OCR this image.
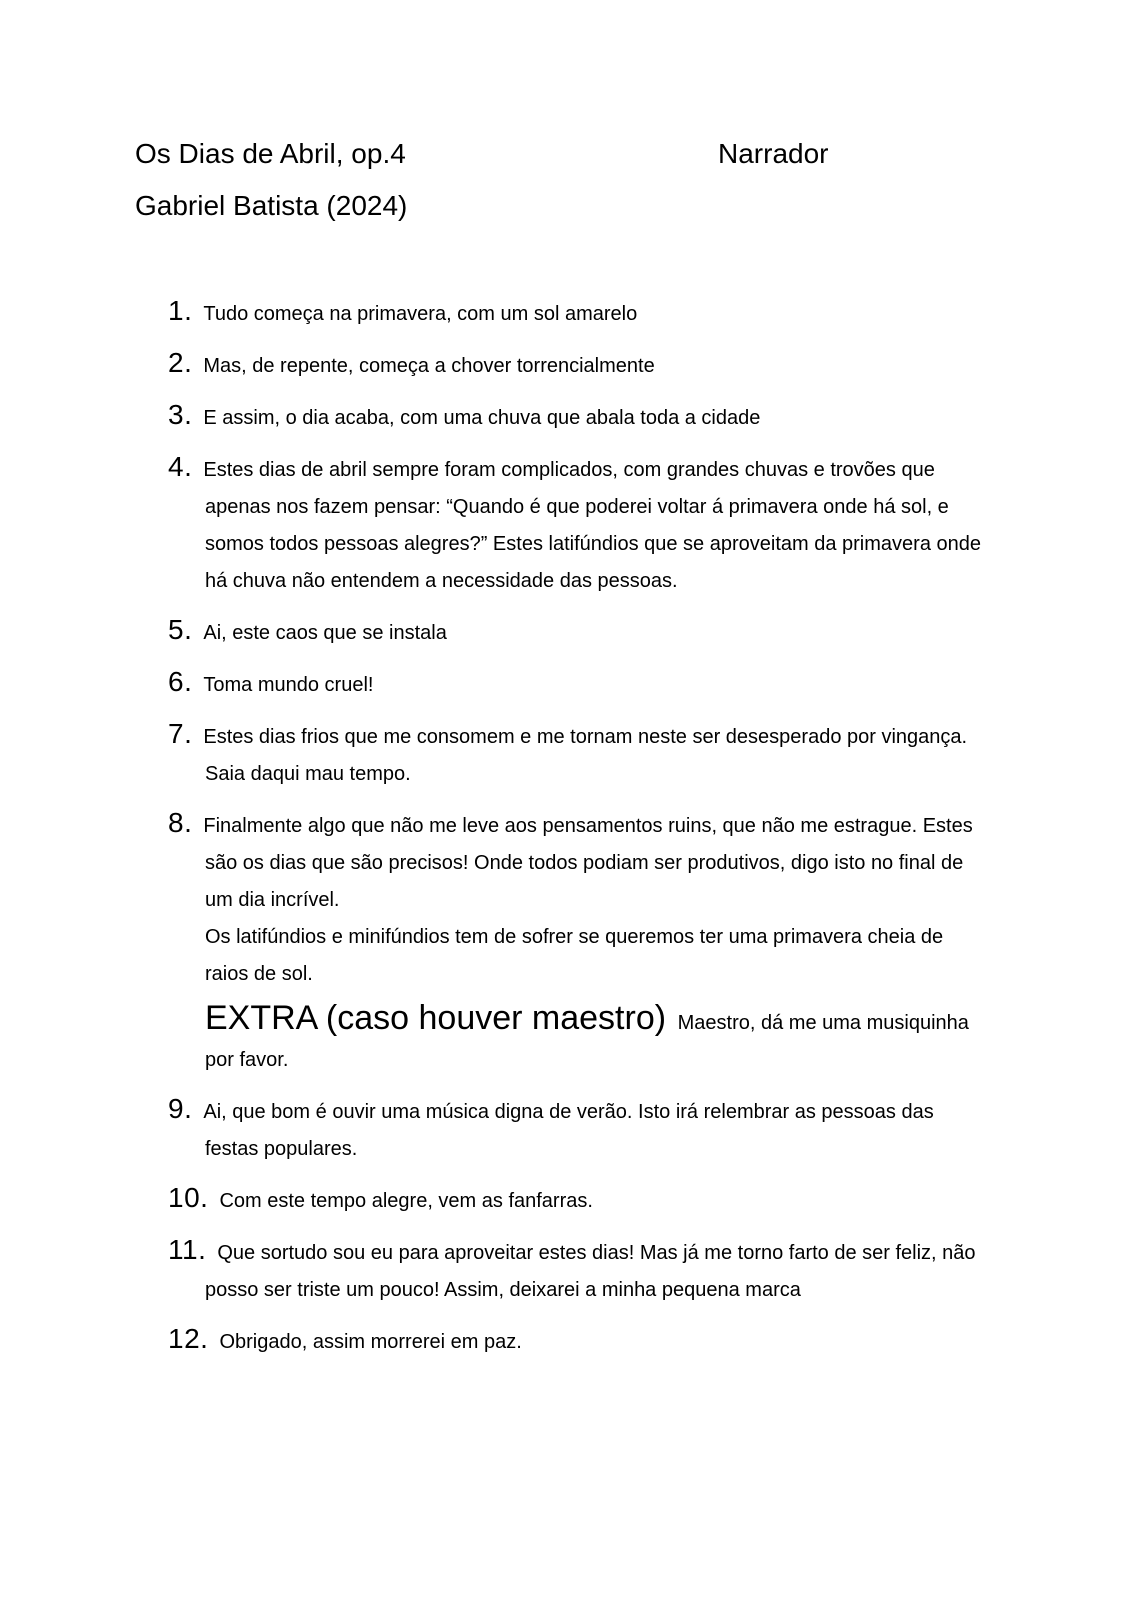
Os Dias de Abril, op.4	Narrador
Gabriel Batista (2024)

1. Tudo começa na primavera, com um sol amarelo

2. Mas, de repente, começa a chover torrencialmente

3. E assim, o dia acaba, com uma chuva que abala toda a cidade

4. Estes dias de abril sempre foram complicados, com grandes chuvas e trovões que apenas nos fazem pensar: “Quando é que poderei voltar á primavera onde há sol, e somos todos pessoas alegres?” Estes latifúndios que se aproveitam da primavera onde há chuva não entendem a necessidade das pessoas.

5. Ai, este caos que se instala

6. Toma mundo cruel!

7. Estes dias frios que me consomem e me tornam neste ser desesperado por vingança. Saia daqui mau tempo.

8. Finalmente algo que não me leve aos pensamentos ruins, que não me estrague. Estes são os dias que são precisos! Onde todos podiam ser produtivos, digo isto no final de um dia incrível.

Os latifúndios e minifúndios tem de sofrer se queremos ter uma primavera cheia de raios de sol.

EXTRA (caso houver maestro) Maestro, dá me uma musiquinha por favor.

9. Ai, que bom é ouvir uma música digna de verão. Isto irá relembrar as pessoas das festas populares.

10. Com este tempo alegre, vem as fanfarras.

11. Que sortudo sou eu para aproveitar estes dias! Mas já me torno farto de ser feliz, não posso ser triste um pouco! Assim, deixarei a minha pequena marca

12. Obrigado, assim morrerei em paz.
